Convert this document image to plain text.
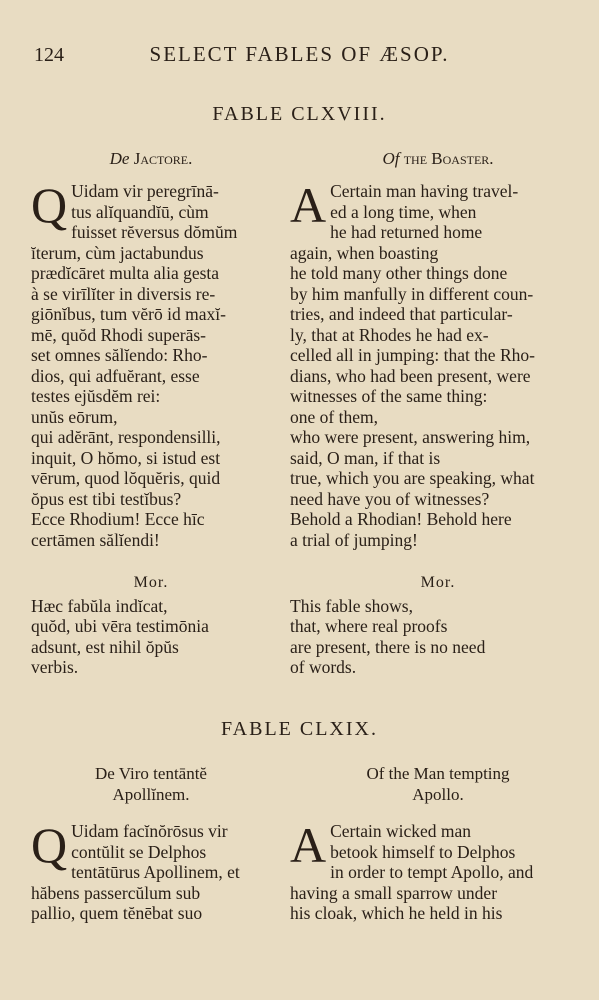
124	SELECT FABLES OF ÆSOP.
FABLE CLXVIII.
De Jactore.
Q Uidam vir peregrīnā-
tus alĭquandĭū, cùm
fuisset rĕversus dŏmŭm
ĭterum, cùm jactabundus
prædĭcāret multa alia gesta
à se virīlĭter in diversis re-
giōnĭbus, tum vĕrō id maxĭ-
mē, quŏd Rhodi superās-
set omnes sălĭendo: Rho-
dios, qui adfuĕrant, esse
testes ejŭsdĕm rei:
unŭs eōrum,
qui adĕrānt, respondensilli,
inquit, O hŏmo, si istud est
vērum, quod lŏquĕris, quid
ŏpus est tibi testĭbus?
Ecce Rhodium! Ecce hīc
certāmen sălĭendi!
Of the Boaster.
A Certain man having travel-
ed a long time, when
he had returned home
again, when boasting
he told many other things done
by him manfully in different coun-
tries, and indeed that particular-
ly, that at Rhodes he had ex-
celled all in jumping: that the Rho-
dians, who had been present, were
witnesses of the same thing:
one of them,
who were present, answering him,
said, O man, if that is
true, which you are speaking, what
need have you of witnesses?
Behold a Rhodian! Behold here
a trial of jumping!
Mor.
Hæc fabŭla indĭcat,
quŏd, ubi vēra testimōnia
adsunt, est nihil ŏpŭs
verbis.
Mor.
This fable shows,
that, where real proofs
are present, there is no need
of words.
FABLE CLXIX.
De Viro tentāntĕ
Apollĭnem.
Q Uidam facĭnŏrōsus vir
contŭlit se Delphos
tentātūrus Apollinem, et
hăbens passercŭlum sub
pallio, quem tĕnēbat suo
Of the Man tempting
Apollo.
A Certain wicked man
betook himself to Delphos
in order to tempt Apollo, and
having a small sparrow under
his cloak, which he held in his
